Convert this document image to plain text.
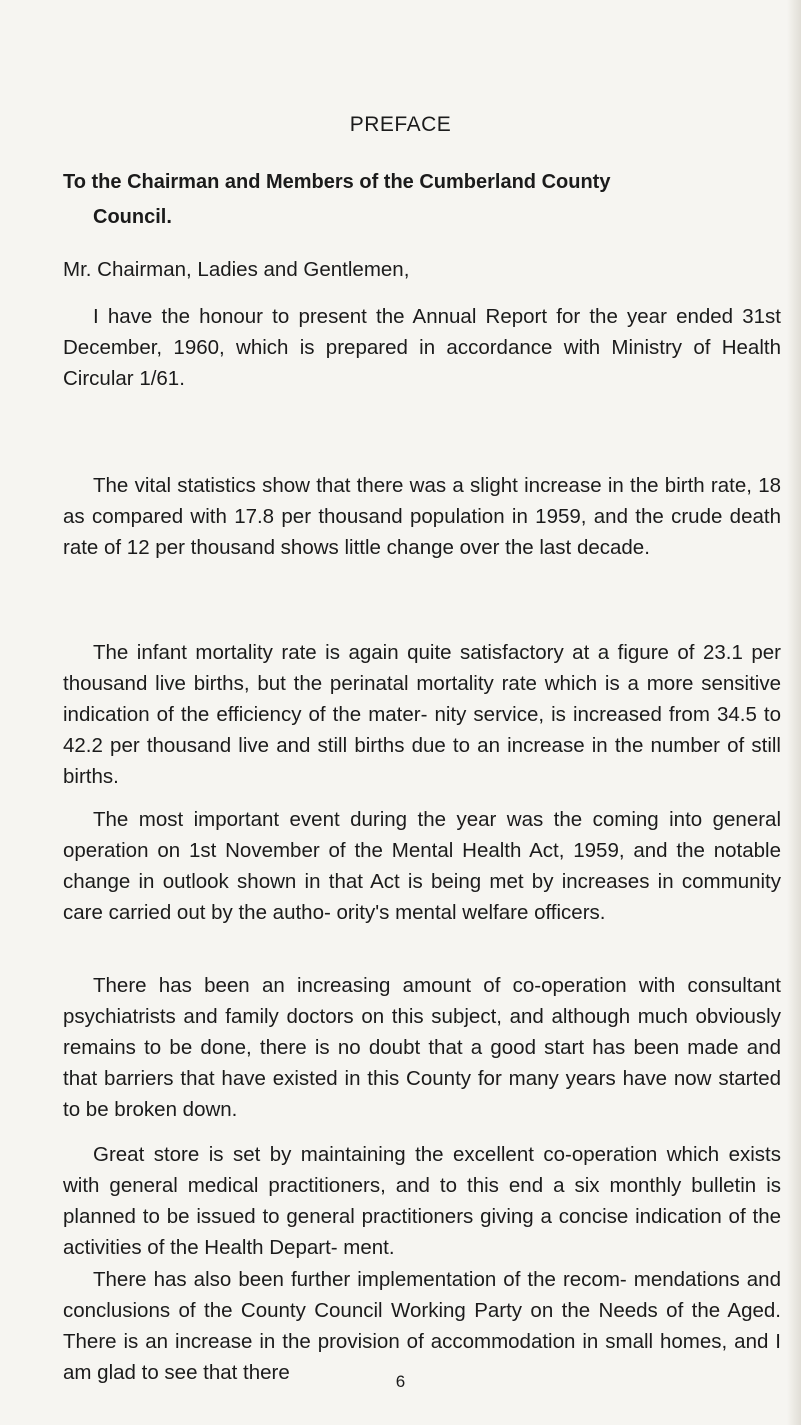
PREFACE

To the Chairman and Members of the Cumberland County
Council.

Mr. Chairman, Ladies and Gentlemen,

I have the honour to present the Annual Report for the year ended 31st December, 1960, which is prepared in accordance with Ministry of Health Circular 1/61.

The vital statistics show that there was a slight increase in the birth rate, 18 as compared with 17.8 per thousand population in 1959, and the crude death rate of 12 per thousand shows little change over the last decade.

The infant mortality rate is again quite satisfactory at a figure of 23.1 per thousand live births, but the perinatal mortality rate which is a more sensitive indication of the efficiency of the mater- nity service, is increased from 34.5 to 42.2 per thousand live and still births due to an increase in the number of still births.

The most important event during the year was the coming into general operation on 1st November of the Mental Health Act, 1959, and the notable change in outlook shown in that Act is being met by increases in community care carried out by the autho- ority's mental welfare officers.

There has been an increasing amount of co-operation with consultant psychiatrists and family doctors on this subject, and although much obviously remains to be done, there is no doubt that a good start has been made and that barriers that have existed in this County for many years have now started to be broken down.

Great store is set by maintaining the excellent co-operation which exists with general medical practitioners, and to this end a six monthly bulletin is planned to be issued to general practitioners giving a concise indication of the activities of the Health Depart- ment.

There has also been further implementation of the recom- mendations and conclusions of the County Council Working Party on the Needs of the Aged. There is an increase in the provision of accommodation in small homes, and I am glad to see that there	6
